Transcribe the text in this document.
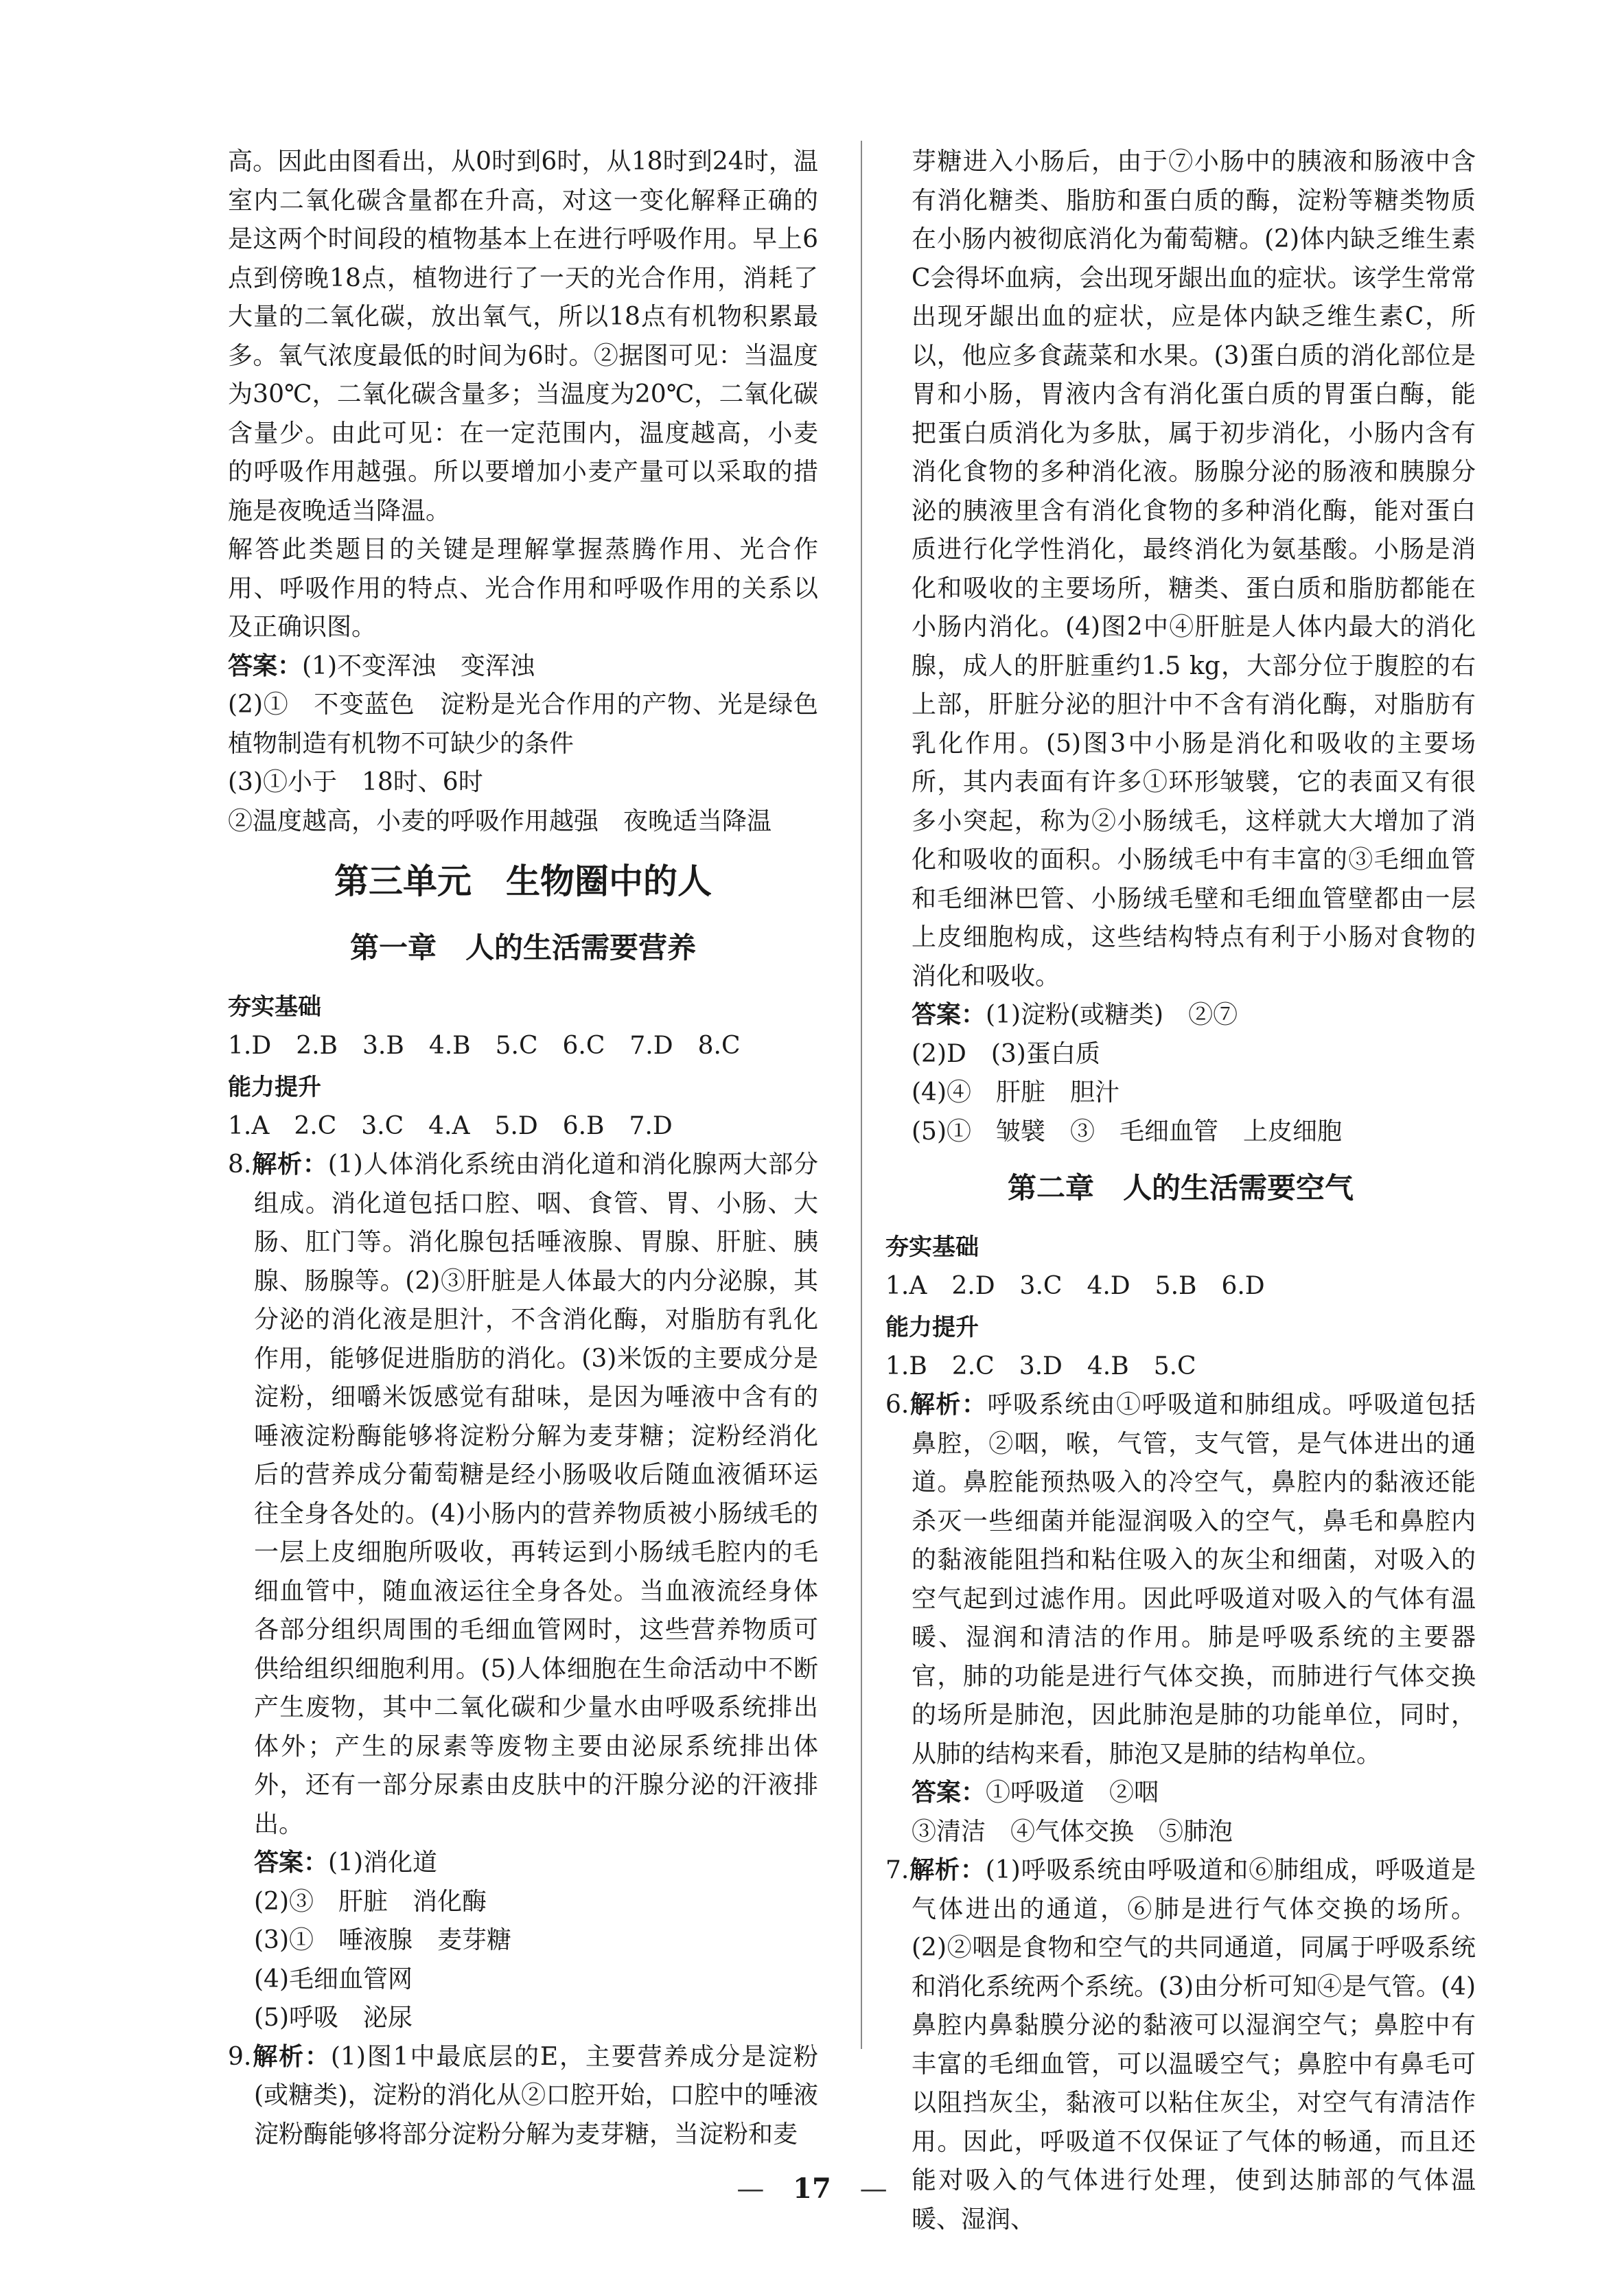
高。因此由图看出，从0时到6时，从18时到24时，温室内二氧化碳含量都在升高，对这一变化解释正确的是这两个时间段的植物基本上在进行呼吸作用。早上6点到傍晚18点，植物进行了一天的光合作用，消耗了大量的二氧化碳，放出氧气，所以18点有机物积累最多。氧气浓度最低的时间为6时。②据图可见：当温度为30℃，二氧化碳含量多；当温度为20℃，二氧化碳含量少。由此可见：在一定范围内，温度越高，小麦的呼吸作用越强。所以要增加小麦产量可以采取的措施是夜晚适当降温。

解答此类题目的关键是理解掌握蒸腾作用、光合作用、呼吸作用的特点、光合作用和呼吸作用的关系以及正确识图。

答案：(1)不变浑浊　变浑浊

(2)①　不变蓝色　淀粉是光合作用的产物、光是绿色植物制造有机物不可缺少的条件

(3)①小于　18时、6时

②温度越高，小麦的呼吸作用越强　夜晚适当降温

第三单元　生物圈中的人
第一章　人的生活需要营养

夯实基础

1.D　2.B　3.B　4.B　5.C　6.C　7.D　8.C

能力提升

1.A　2.C　3.C　4.A　5.D　6.B　7.D

8.解析：(1)人体消化系统由消化道和消化腺两大部分组成。消化道包括口腔、咽、食管、胃、小肠、大肠、肛门等。消化腺包括唾液腺、胃腺、肝脏、胰腺、肠腺等。(2)③肝脏是人体最大的内分泌腺，其分泌的消化液是胆汁，不含消化酶，对脂肪有乳化作用，能够促进脂肪的消化。(3)米饭的主要成分是淀粉，细嚼米饭感觉有甜味，是因为唾液中含有的唾液淀粉酶能够将淀粉分解为麦芽糖；淀粉经消化后的营养成分葡萄糖是经小肠吸收后随血液循环运往全身各处的。(4)小肠内的营养物质被小肠绒毛的一层上皮细胞所吸收，再转运到小肠绒毛腔内的毛细血管中，随血液运往全身各处。当血液流经身体各部分组织周围的毛细血管网时，这些营养物质可供给组织细胞利用。(5)人体细胞在生命活动中不断产生废物，其中二氧化碳和少量水由呼吸系统排出体外；产生的尿素等废物主要由泌尿系统排出体外，还有一部分尿素由皮肤中的汗腺分泌的汗液排出。

答案：(1)消化道

(2)③　肝脏　消化酶

(3)①　唾液腺　麦芽糖

(4)毛细血管网

(5)呼吸　泌尿

9.解析：(1)图1中最底层的E，主要营养成分是淀粉(或糖类)，淀粉的消化从②口腔开始，口腔中的唾液淀粉酶能够将部分淀粉分解为麦芽糖，当淀粉和麦

芽糖进入小肠后，由于⑦小肠中的胰液和肠液中含有消化糖类、脂肪和蛋白质的酶，淀粉等糖类物质在小肠内被彻底消化为葡萄糖。(2)体内缺乏维生素C会得坏血病，会出现牙龈出血的症状。该学生常常出现牙龈出血的症状，应是体内缺乏维生素C，所以，他应多食蔬菜和水果。(3)蛋白质的消化部位是胃和小肠，胃液内含有消化蛋白质的胃蛋白酶，能把蛋白质消化为多肽，属于初步消化，小肠内含有消化食物的多种消化液。肠腺分泌的肠液和胰腺分泌的胰液里含有消化食物的多种消化酶，能对蛋白质进行化学性消化，最终消化为氨基酸。小肠是消化和吸收的主要场所，糖类、蛋白质和脂肪都能在小肠内消化。(4)图2中④肝脏是人体内最大的消化腺，成人的肝脏重约1.5 kg，大部分位于腹腔的右上部，肝脏分泌的胆汁中不含有消化酶，对脂肪有乳化作用。(5)图3中小肠是消化和吸收的主要场所，其内表面有许多①环形皱襞，它的表面又有很多小突起，称为②小肠绒毛，这样就大大增加了消化和吸收的面积。小肠绒毛中有丰富的③毛细血管和毛细淋巴管、小肠绒毛壁和毛细血管壁都由一层上皮细胞构成，这些结构特点有利于小肠对食物的消化和吸收。

答案：(1)淀粉(或糖类)　②⑦

(2)D　(3)蛋白质

(4)④　肝脏　胆汁

(5)①　皱襞　③　毛细血管　上皮细胞

第二章　人的生活需要空气

夯实基础

1.A　2.D　3.C　4.D　5.B　6.D

能力提升

1.B　2.C　3.D　4.B　5.C

6.解析：呼吸系统由①呼吸道和肺组成。呼吸道包括鼻腔，②咽，喉，气管，支气管，是气体进出的通道。鼻腔能预热吸入的冷空气，鼻腔内的黏液还能杀灭一些细菌并能湿润吸入的空气，鼻毛和鼻腔内的黏液能阻挡和粘住吸入的灰尘和细菌，对吸入的空气起到过滤作用。因此呼吸道对吸入的气体有温暖、湿润和清洁的作用。肺是呼吸系统的主要器官，肺的功能是进行气体交换，而肺进行气体交换的场所是肺泡，因此肺泡是肺的功能单位，同时，从肺的结构来看，肺泡又是肺的结构单位。

答案：①呼吸道　②咽

③清洁　④气体交换　⑤肺泡

7.解析：(1)呼吸系统由呼吸道和⑥肺组成，呼吸道是气体进出的通道，⑥肺是进行气体交换的场所。(2)②咽是食物和空气的共同通道，同属于呼吸系统和消化系统两个系统。(3)由分析可知④是气管。(4)鼻腔内鼻黏膜分泌的黏液可以湿润空气；鼻腔中有丰富的毛细血管，可以温暖空气；鼻腔中有鼻毛可以阻挡灰尘，黏液可以粘住灰尘，对空气有清洁作用。因此，呼吸道不仅保证了气体的畅通，而且还能对吸入的气体进行处理，使到达肺部的气体温暖、湿润、

— 17 —
